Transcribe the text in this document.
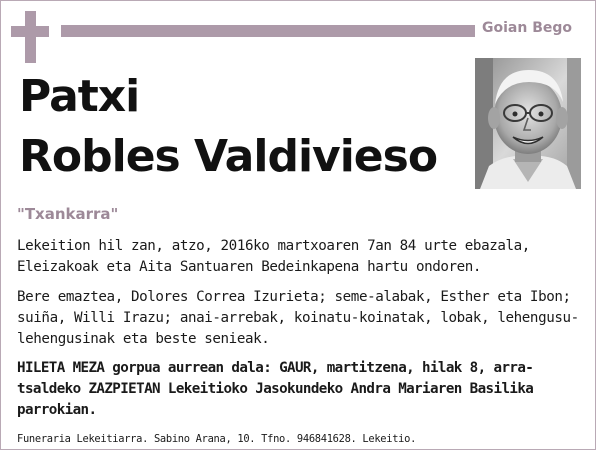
Goian Bego
Patxi
Robles Valdivieso
"Txankarra"
Lekeition hil zan, atzo, 2016ko martxoaren 7an 84 urte ebazala,
Eleizakoak eta Aita Santuaren Bedeinkapena hartu ondoren.
Bere emaztea, Dolores Correa Izurieta; seme-alabak, Esther eta Ibon;
suiña, Willi Irazu; anai-arrebak, koinatu-koinatak, lobak, lehengusu-
lehengusinak eta beste senieak.
HILETA MEZA gorpua aurrean dala: GAUR, martitzena, hilak 8, arra-
tsaldeko ZAZPIETAN Lekeitioko Jasokundeko Andra Mariaren Basilika
parrokian.
Funeraria Lekeitiarra. Sabino Arana, 10. Tfno. 946841628. Lekeitio.
